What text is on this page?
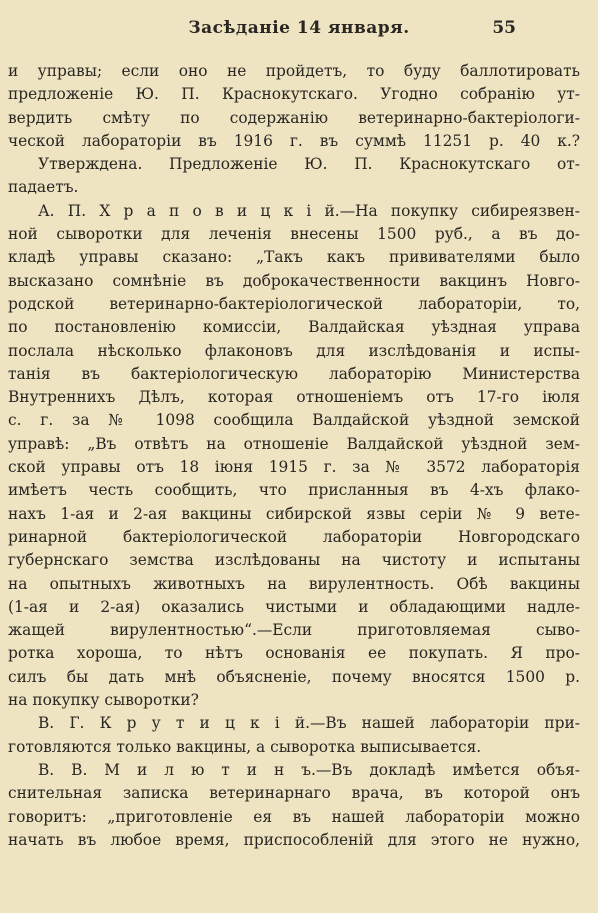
Засѣданіе 14 января.	55
и управы; если оно не пройдетъ, то буду баллотировать
предложеніе Ю. П. Краснокутскаго. Угодно собранію ут-
вердить смѣту по содержанію ветеринарно-бактеріологи-
ческой лабораторіи въ 1916 г. въ суммѣ 11251 р. 40 к.?
Утверждена. Предложеніе Ю. П. Краснокутскаго от-
падаетъ.
А. П. Х р а п о в и ц к і й.—На покупку сибиреязвен-
ной сыворотки для леченія внесены 1500 руб., а въ до-
кладѣ управы сказано: „Такъ какъ прививателями было
высказано сомнѣніе въ доброкачественности вакцинъ Новго-
родской ветеринарно-бактеріологической лабораторіи, то,
по постановленію комиссіи, Валдайская уѣздная управа
послала нѣсколько флаконовъ для изслѣдованія и испы-
танія въ бактеріологическую лабораторію Министерства
Внутреннихъ Дѣлъ, которая отношеніемъ отъ 17-го іюля
с. г. за № 1098 сообщила Валдайской уѣздной земской
управѣ: „Въ отвѣтъ на отношеніе Валдайской уѣздной зем-
ской управы отъ 18 іюня 1915 г. за № 3572 лабораторія
имѣетъ честь сообщить, что присланныя въ 4-хъ флако-
нахъ 1-ая и 2-ая вакцины сибирской язвы серіи № 9 вете-
ринарной бактеріологической лабораторіи Новгородскаго
губернскаго земства изслѣдованы на чистоту и испытаны
на опытныхъ животныхъ на вирулентность. Обѣ вакцины
(1-ая и 2-ая) оказались чистыми и обладающими надле-
жащей вирулентностью“.—Если приготовляемая сыво-
ротка хороша, то нѣтъ основанія ее покупать. Я про-
силъ бы дать мнѣ объясненіе, почему вносятся 1500 р.
на покупку сыворотки?
В. Г. К р у т и ц к і й.—Въ нашей лабораторіи при-
готовляются только вакцины, а сыворотка выписывается.
В. В. М и л ю т и н ъ.—Въ докладѣ имѣется объя-
снительная записка ветеринарнаго врача, въ которой онъ
говоритъ: „приготовленіе ея въ нашей лабораторіи можно
начать въ любое время, приспособленій для этого не нужно,
